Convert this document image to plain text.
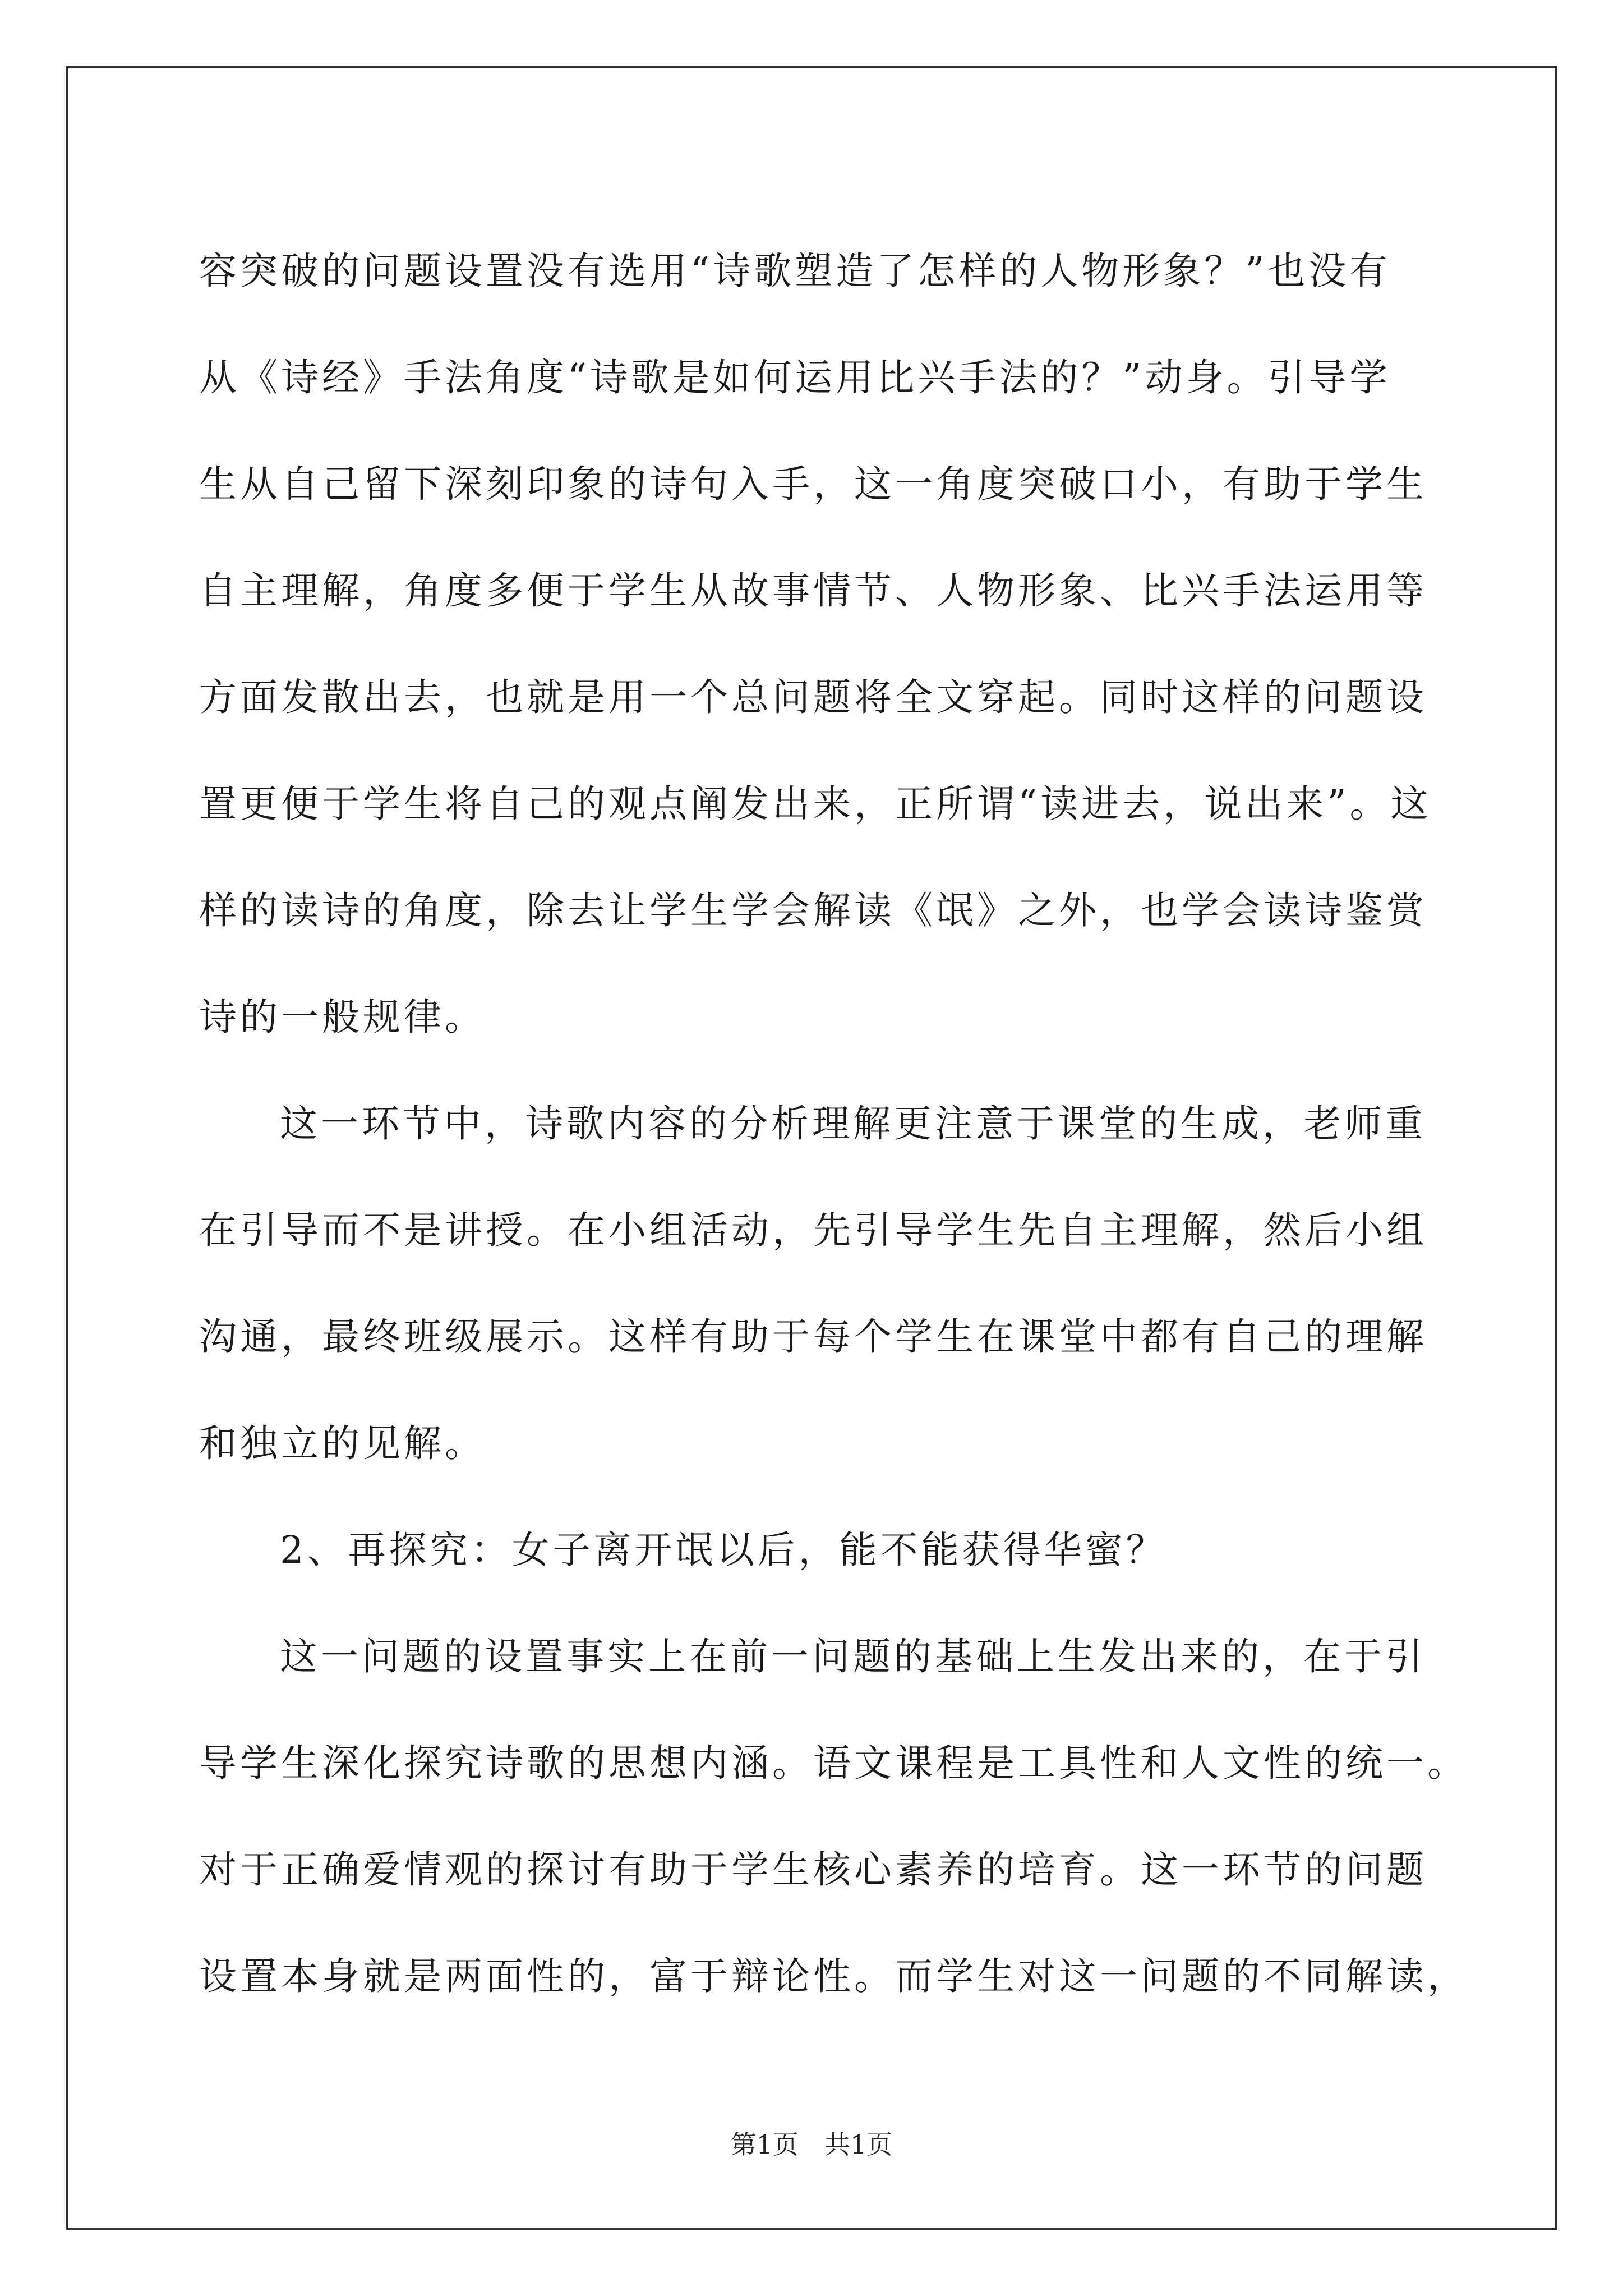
容突破的问题设置没有选用“诗歌塑造了怎样的人物形象？”也没有

从《诗经》手法角度“诗歌是如何运用比兴手法的？”动身。引导学

生从自己留下深刻印象的诗句入手，这一角度突破口小，有助于学生

自主理解，角度多便于学生从故事情节、人物形象、比兴手法运用等

方面发散出去，也就是用一个总问题将全文穿起。同时这样的问题设

置更便于学生将自己的观点阐发出来，正所谓“读进去，说出来”。这

样的读诗的角度，除去让学生学会解读《氓》之外，也学会读诗鉴赏

诗的一般规律。

这一环节中，诗歌内容的分析理解更注意于课堂的生成，老师重

在引导而不是讲授。在小组活动，先引导学生先自主理解，然后小组

沟通，最终班级展示。这样有助于每个学生在课堂中都有自己的理解

和独立的见解。

2、再探究：女子离开氓以后，能不能获得华蜜？

这一问题的设置事实上在前一问题的基础上生发出来的，在于引

导学生深化探究诗歌的思想内涵。语文课程是工具性和人文性的统一。

对于正确爱情观的探讨有助于学生核心素养的培育。这一环节的问题

设置本身就是两面性的，富于辩论性。而学生对这一问题的不同解读，

第1页　共1页
